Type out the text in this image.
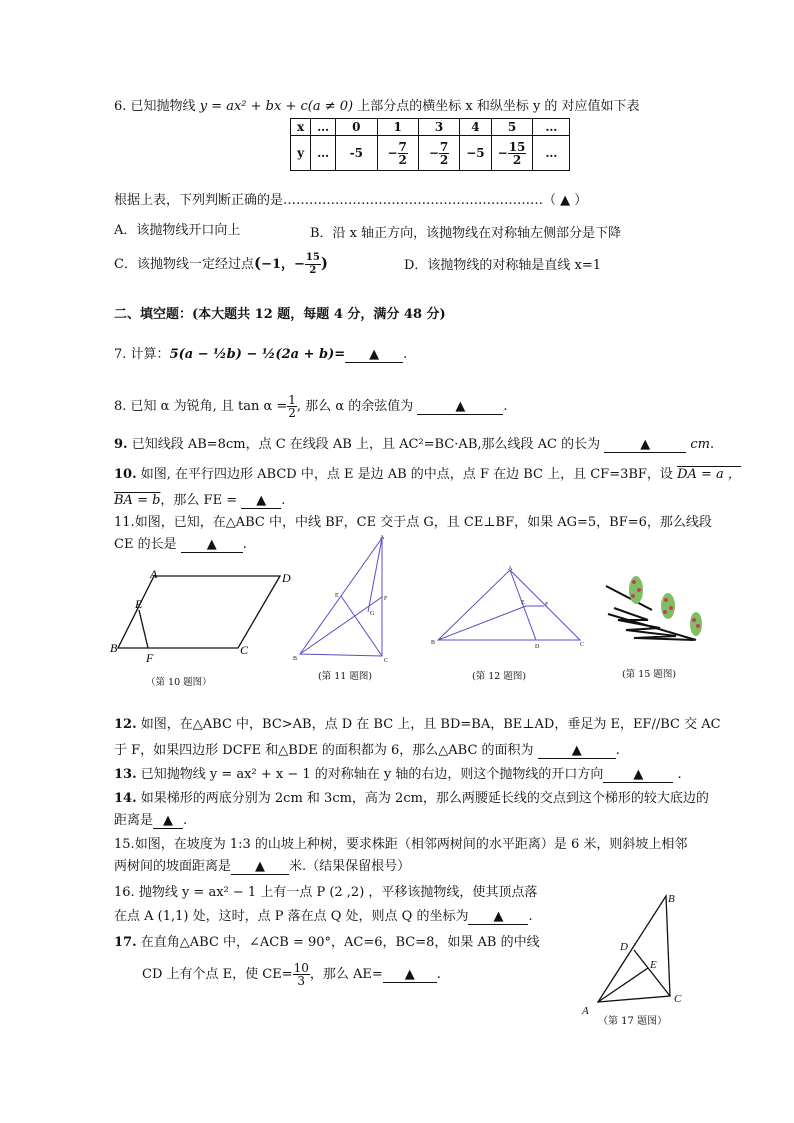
6. 已知抛物线 y = ax² + bx + c(a ≠ 0) 上部分点的横坐标 x 和纵坐标 y 的 对应值如下表
x	…	0	1	3	4	5	…
y	…	-5	− $\frac{7}{2}$	− $\frac{7}{2}$	−5	− $\frac{15}{2}$	…
根据上表，下列判断正确的是……………………………………………………（ ▲ ）
A．该抛物线开口向上	B．沿 x 轴正方向，该抛物线在对称轴左侧部分是下降
C．该抛物线一定经过点(−1，− $\frac{15}{2}$ )	D．该抛物线的对称轴是直线 x=1
二、填空题：(本大题共 12 题，每题 4 分，满分 48 分)
7. 计算：5(a − ½b) − ½(2a + b)= ▲ .
8. 已知 α 为锐角, 且 $\tan \alpha = \frac{1}{2}$ , 那么 α 的余弦值为	▲	.
9. 已知线段 AB=8cm，点 C 在线段 AB 上，且 AC²=BC·AB,那么线段 AC 的长为	▲	cm.
10. 如图, 在平行四边形 ABCD 中，点 E 是边 AB 的中点，点 F 在边 BC 上，且 CF=3BF，设 DA = a ，
BA = b，那么 FE = ▲ .
11.如图，已知，在△ABC 中，中线 BF，CE 交于点 G，且 CE⊥BF，如果 AG=5，BF=6，那么线段
CE 的长是 ▲ .
A	D
E
B	C
F
（第 10 题图）
A
E	F
G
B	C
(第 11 题图)
A
E	F
B
D	C
(第 12 题图)	(第 15 题图)
12. 如图，在△ABC 中，BC>AB，点 D 在 BC 上，且 BD=BA，BE⊥AD，垂足为 E，EF//BC 交 AC
于 F，如果四边形 DCFE 和△BDE 的面积都为 6，那么△ABC 的面积为	▲	.
13. 已知抛物线 y = ax² + x − 1 的对称轴在 y 轴的右边，则这个抛物线的开口方向 ▲ .
14. 如果梯形的两底分别为 2cm 和 3cm，高为 2cm，那么两腰延长线的交点到这个梯形的较大底边的
距离是 ▲ .
15.如图，在坡度为 1:3 的山坡上种树，要求株距（相邻两树间的水平距离）是 6 米，则斜坡上相邻
两树间的坡面距离是 ▲ 米.（结果保留根号）
16. 抛物线 y = ax² − 1 上有一点 P (2 ,2) ，平移该抛物线，使其顶点落
在点 A (1,1) 处，这时，点 P 落在点 Q 处，则点 Q 的坐标为 ▲ .
17. 在直角△ABC 中，∠ACB = 90°，AC=6，BC=8，如果 AB 的中线
CD 上有个点 E，使 $CE= \frac{10}{3}$ ，那么 AE= ▲ .
B
D
E
C
A
（第 17 题图）
